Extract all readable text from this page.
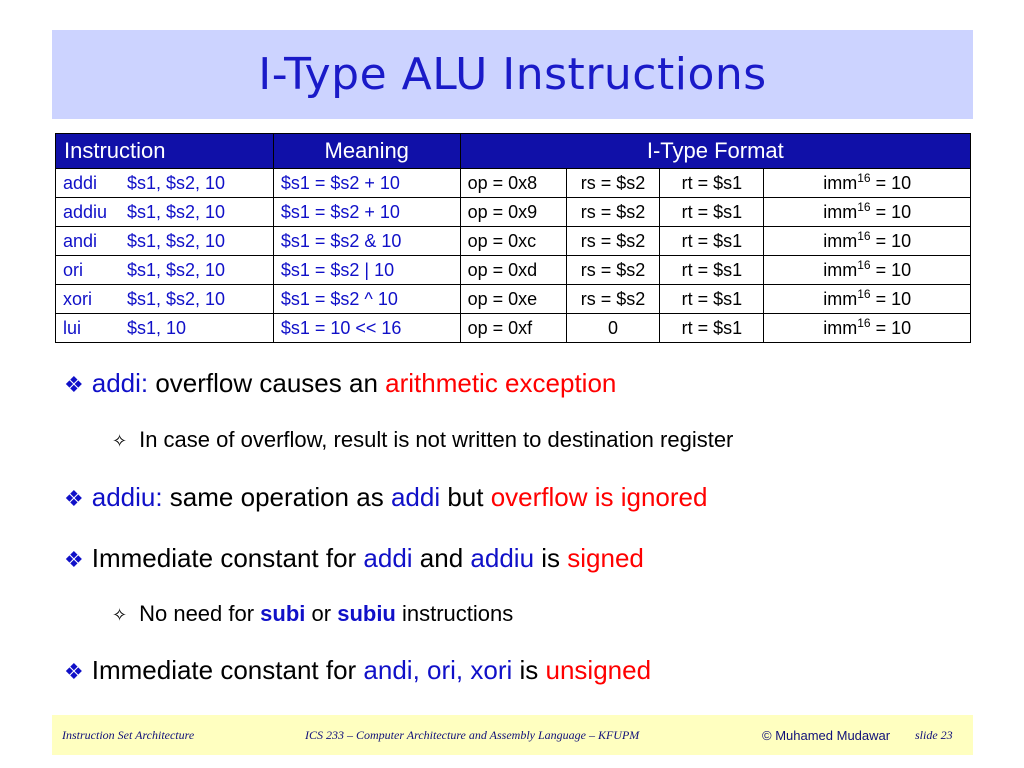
I-Type ALU Instructions
Instruction	Meaning	I-Type Format			
addi $s1, $s2, 10	$s1 = $s2 + 10	op = 0x8	rs = $s2	rt = $s1	imm$^{16}$ = 10
addiu $s1, $s2, 10	$s1 = $s2 + 10	op = 0x9	rs = $s2	rt = $s1	imm$^{16}$ = 10
andi $s1, $s2, 10	$s1 = $s2 & 10	op = 0xc	rs = $s2	rt = $s1	imm$^{16}$ = 10
ori $s1, $s2, 10	$s1 = $s2 | 10	op = 0xd	rs = $s2	rt = $s1	imm$^{16}$ = 10
xori $s1, $s2, 10	$s1 = $s2 ^ 10	op = 0xe	rs = $s2	rt = $s1	imm$^{16}$ = 10
lui $s1, 10	$s1 = 10 << 16	op = 0xf	0	rt = $s1	imm$^{16}$ = 10
❖ addi: overflow causes an arithmetic exception
✧ In case of overflow, result is not written to destination register
❖ addiu: same operation as addi but overflow is ignored
❖ Immediate constant for addi and addiu is signed
✧ No need for subi or subiu instructions
❖ Immediate constant for andi, ori, xori is unsigned
Instruction Set Architecture	ICS 233 – Computer Architecture and Assembly Language – KFUPM	© Muhamed Mudawar slide 23
